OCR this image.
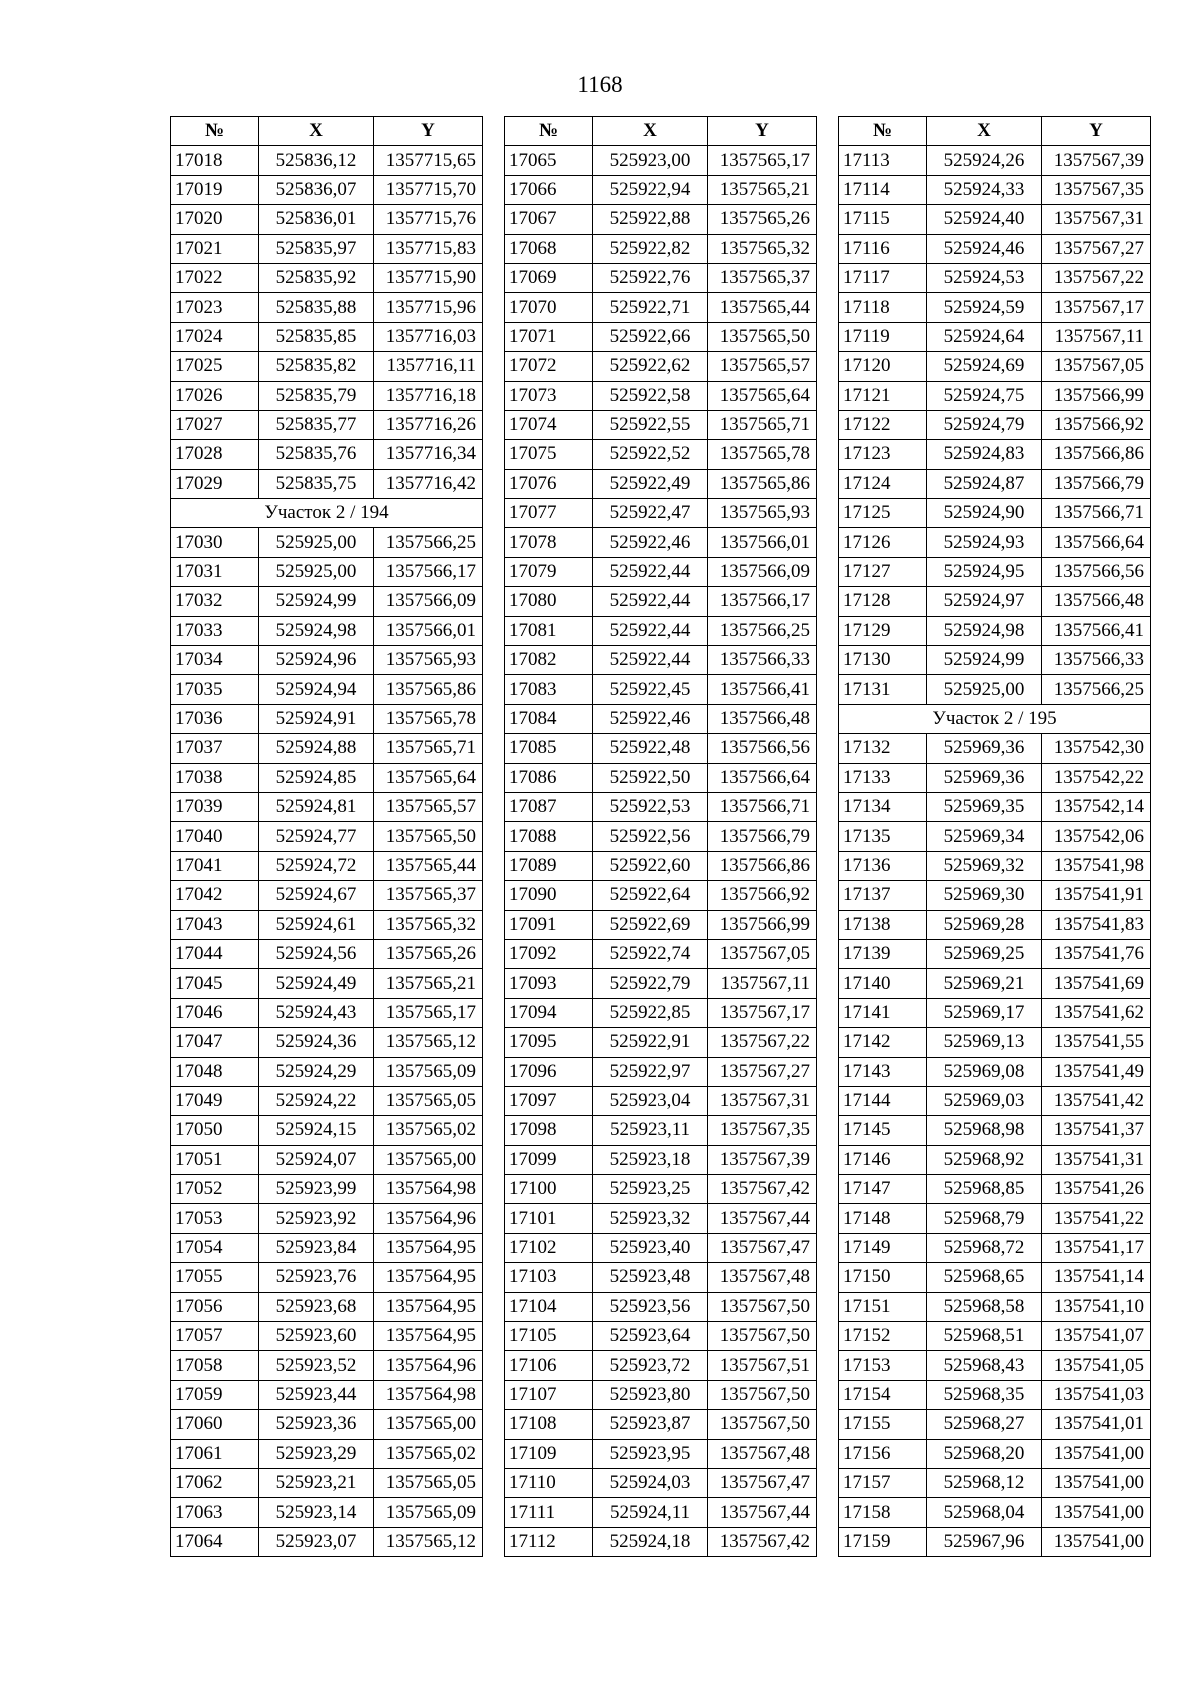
1168
№	X	Y
17018	525836,12	1357715,65
17019	525836,07	1357715,70
17020	525836,01	1357715,76
17021	525835,97	1357715,83
17022	525835,92	1357715,90
17023	525835,88	1357715,96
17024	525835,85	1357716,03
17025	525835,82	1357716,11
17026	525835,79	1357716,18
17027	525835,77	1357716,26
17028	525835,76	1357716,34
17029	525835,75	1357716,42
Участок 2 / 194		
17030	525925,00	1357566,25
17031	525925,00	1357566,17
17032	525924,99	1357566,09
17033	525924,98	1357566,01
17034	525924,96	1357565,93
17035	525924,94	1357565,86
17036	525924,91	1357565,78
17037	525924,88	1357565,71
17038	525924,85	1357565,64
17039	525924,81	1357565,57
17040	525924,77	1357565,50
17041	525924,72	1357565,44
17042	525924,67	1357565,37
17043	525924,61	1357565,32
17044	525924,56	1357565,26
17045	525924,49	1357565,21
17046	525924,43	1357565,17
17047	525924,36	1357565,12
17048	525924,29	1357565,09
17049	525924,22	1357565,05
17050	525924,15	1357565,02
17051	525924,07	1357565,00
17052	525923,99	1357564,98
17053	525923,92	1357564,96
17054	525923,84	1357564,95
17055	525923,76	1357564,95
17056	525923,68	1357564,95
17057	525923,60	1357564,95
17058	525923,52	1357564,96
17059	525923,44	1357564,98
17060	525923,36	1357565,00
17061	525923,29	1357565,02
17062	525923,21	1357565,05
17063	525923,14	1357565,09
17064	525923,07	1357565,12
№	X	Y
17065	525923,00	1357565,17
17066	525922,94	1357565,21
17067	525922,88	1357565,26
17068	525922,82	1357565,32
17069	525922,76	1357565,37
17070	525922,71	1357565,44
17071	525922,66	1357565,50
17072	525922,62	1357565,57
17073	525922,58	1357565,64
17074	525922,55	1357565,71
17075	525922,52	1357565,78
17076	525922,49	1357565,86
17077	525922,47	1357565,93
17078	525922,46	1357566,01
17079	525922,44	1357566,09
17080	525922,44	1357566,17
17081	525922,44	1357566,25
17082	525922,44	1357566,33
17083	525922,45	1357566,41
17084	525922,46	1357566,48
17085	525922,48	1357566,56
17086	525922,50	1357566,64
17087	525922,53	1357566,71
17088	525922,56	1357566,79
17089	525922,60	1357566,86
17090	525922,64	1357566,92
17091	525922,69	1357566,99
17092	525922,74	1357567,05
17093	525922,79	1357567,11
17094	525922,85	1357567,17
17095	525922,91	1357567,22
17096	525922,97	1357567,27
17097	525923,04	1357567,31
17098	525923,11	1357567,35
17099	525923,18	1357567,39
17100	525923,25	1357567,42
17101	525923,32	1357567,44
17102	525923,40	1357567,47
17103	525923,48	1357567,48
17104	525923,56	1357567,50
17105	525923,64	1357567,50
17106	525923,72	1357567,51
17107	525923,80	1357567,50
17108	525923,87	1357567,50
17109	525923,95	1357567,48
17110	525924,03	1357567,47
17111	525924,11	1357567,44
17112	525924,18	1357567,42
№	X	Y
17113	525924,26	1357567,39
17114	525924,33	1357567,35
17115	525924,40	1357567,31
17116	525924,46	1357567,27
17117	525924,53	1357567,22
17118	525924,59	1357567,17
17119	525924,64	1357567,11
17120	525924,69	1357567,05
17121	525924,75	1357566,99
17122	525924,79	1357566,92
17123	525924,83	1357566,86
17124	525924,87	1357566,79
17125	525924,90	1357566,71
17126	525924,93	1357566,64
17127	525924,95	1357566,56
17128	525924,97	1357566,48
17129	525924,98	1357566,41
17130	525924,99	1357566,33
17131	525925,00	1357566,25
Участок 2 / 195		
17132	525969,36	1357542,30
17133	525969,36	1357542,22
17134	525969,35	1357542,14
17135	525969,34	1357542,06
17136	525969,32	1357541,98
17137	525969,30	1357541,91
17138	525969,28	1357541,83
17139	525969,25	1357541,76
17140	525969,21	1357541,69
17141	525969,17	1357541,62
17142	525969,13	1357541,55
17143	525969,08	1357541,49
17144	525969,03	1357541,42
17145	525968,98	1357541,37
17146	525968,92	1357541,31
17147	525968,85	1357541,26
17148	525968,79	1357541,22
17149	525968,72	1357541,17
17150	525968,65	1357541,14
17151	525968,58	1357541,10
17152	525968,51	1357541,07
17153	525968,43	1357541,05
17154	525968,35	1357541,03
17155	525968,27	1357541,01
17156	525968,20	1357541,00
17157	525968,12	1357541,00
17158	525968,04	1357541,00
17159	525967,96	1357541,00
